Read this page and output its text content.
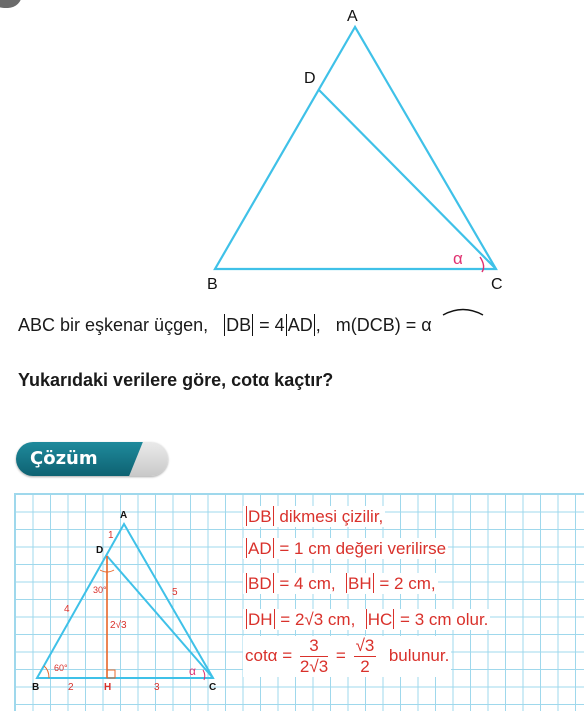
A
D
B	C
α
ABC bir eşkenar üçgen, DB = 4 AD , m(DCB) = α
Yukarıdaki verilere göre, cotα kaçtır?
Çözüm
A
D
B	H	C
1
4
5
2	3
30°
60°
2√3
α
DB dikmesi çizilir,
AD = 1 cm değeri verilirse
BD = 4 cm, BH = 2 cm,
DH = 2√3 cm, HC = 3 cm olur.
$\cot\alpha = \frac{3}{2√3} = \frac{√3}{2}$ bulunur.
